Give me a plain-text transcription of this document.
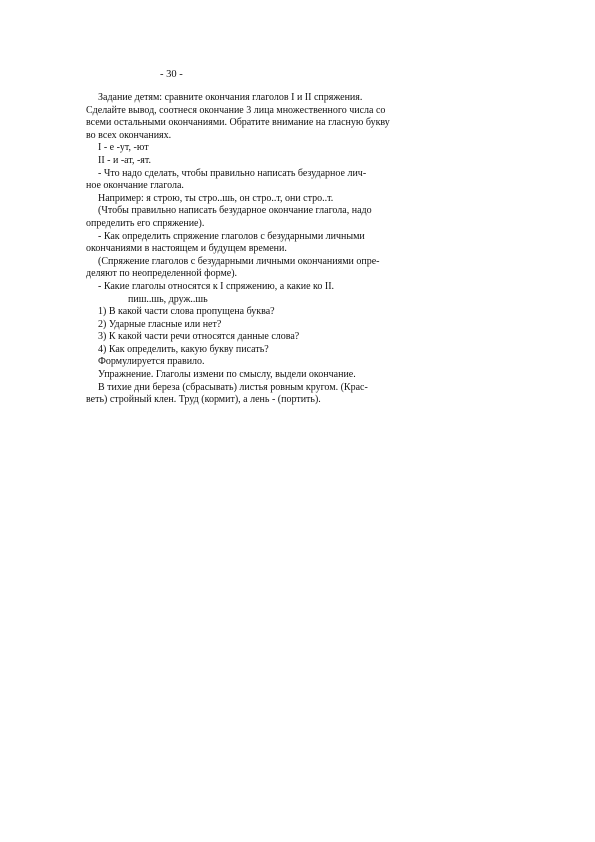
- 30 -
Задание детям: сравните окончания глаголов I и II спряжения.
Сделайте вывод, соотнеся окончание 3 лица множественного числа со
всеми остальными окончаниями. Обратите внимание на гласную букву
во всех окончаниях.
I - е -ут, -ют
II - и -ат, -ят.
- Что надо сделать, чтобы правильно написать безударное лич-
ное окончание глагола.
Например: я строю, ты стро..шь, он стро..т, они стро..т.
(Чтобы правильно написать безударное окончание глагола, надо
определить его спряжение).
- Как определить спряжение глаголов с безударными личными
окончаниями в настоящем и будущем времени.
(Спряжение глаголов с безударными личными окончаниями опре-
деляют по неопределенной форме).
- Какие глаголы относятся к I спряжению, а какие ко II.
пиш..шь, друж..шь
1) В какой части слова пропущена буква?
2) Ударные гласные или нет?
3) К какой части речи относятся данные слова?
4) Как определить, какую букву писать?
Формулируется правило.
Упражнение. Глаголы измени по смыслу, выдели окончание.
В тихие дни береза (сбрасывать) листья ровным кругом. (Крас-
веть) стройный клен. Труд (кормит), а лень - (портить).
